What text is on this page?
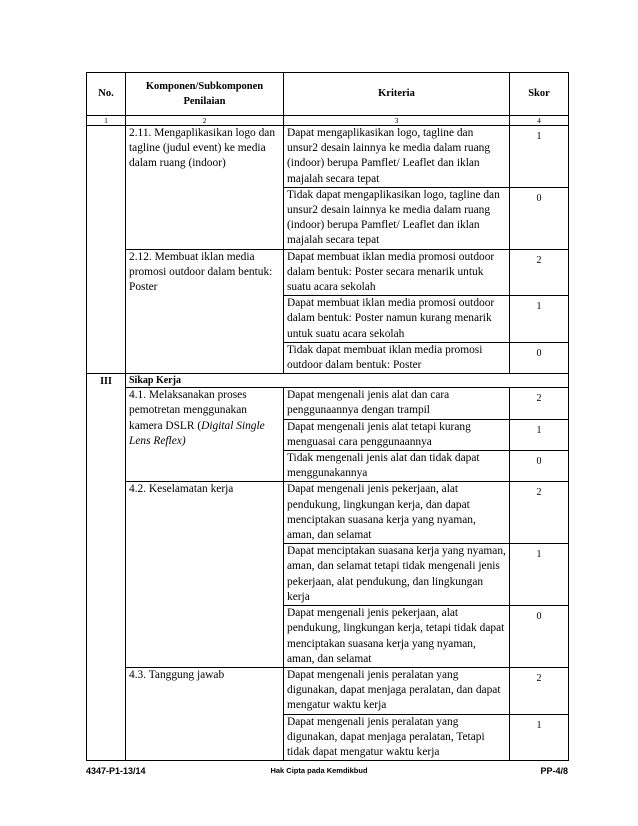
No.	Komponen/Subkomponen Penilaian	Kriteria	Skor
1	2	3	4
	2.11. Mengaplikasikan logo dan tagline (judul event) ke media dalam ruang (indoor)	Dapat mengaplikasikan logo, tagline dan unsur2 desain lainnya ke media dalam ruang (indoor) berupa Pamflet/ Leaflet dan iklan majalah secara tepat	1
		Tidak dapat mengaplikasikan logo, tagline dan unsur2 desain lainnya ke media dalam ruang (indoor) berupa Pamflet/ Leaflet dan iklan majalah secara tepat	0
	2.12. Membuat iklan media promosi outdoor dalam bentuk: Poster	Dapat membuat iklan media promosi outdoor dalam bentuk: Poster secara menarik untuk suatu acara sekolah	2
		Dapat membuat iklan media promosi outdoor dalam bentuk: Poster namun kurang menarik untuk suatu acara sekolah	1
		Tidak dapat membuat iklan media promosi outdoor dalam bentuk: Poster	0
III	Sikap Kerja		
	4.1. Melaksanakan proses pemotretan menggunakan kamera DSLR (Digital Single Lens Reflex)	Dapat mengenali jenis alat dan cara penggunaannya dengan trampil	2
		Dapat mengenali jenis alat tetapi kurang menguasai cara penggunaannya	1
		Tidak mengenali jenis alat dan tidak dapat menggunakannya	0
	4.2. Keselamatan kerja	Dapat mengenali jenis pekerjaan, alat pendukung, lingkungan kerja, dan dapat menciptakan suasana kerja yang nyaman, aman, dan selamat	2
		Dapat menciptakan suasana kerja yang nyaman, aman, dan selamat tetapi tidak mengenali jenis pekerjaan, alat pendukung, dan lingkungan kerja	1
		Dapat mengenali jenis pekerjaan, alat pendukung, lingkungan kerja, tetapi tidak dapat menciptakan suasana kerja yang nyaman, aman, dan selamat	0
	4.3. Tanggung jawab	Dapat mengenali jenis peralatan yang digunakan, dapat menjaga peralatan, dan dapat mengatur waktu kerja	2
		Dapat mengenali jenis peralatan yang digunakan, dapat menjaga peralatan, Tetapi tidak dapat mengatur waktu kerja	1
4347-P1-13/14	Hak Cipta pada Kemdikbud	PP-4/8
